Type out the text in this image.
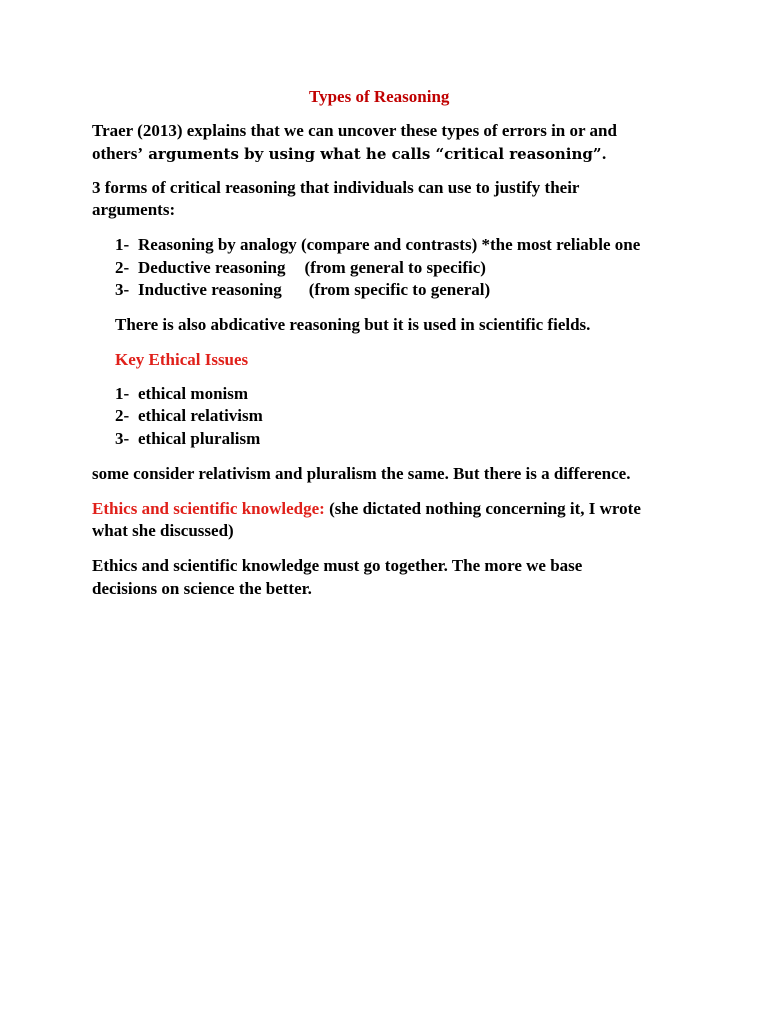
Types of Reasoning

Traer (2013) explains that we can uncover these types of errors in or and

others’ arguments by using what he calls “critical reasoning”.

3 forms of critical reasoning that individuals can use to justify their

arguments:

1- Reasoning by analogy (compare and contrasts) *the most reliable one

2- Deductive reasoning (from general to specific)

3- Inductive reasoning (from specific to general)

There is also abdicative reasoning but it is used in scientific fields.

Key Ethical Issues

1- ethical monism

2- ethical relativism

3- ethical pluralism

some consider relativism and pluralism the same. But there is a difference.

Ethics and scientific knowledge: (she dictated nothing concerning it, I wrote

what she discussed)

Ethics and scientific knowledge must go together. The more we base

decisions on science the better.
